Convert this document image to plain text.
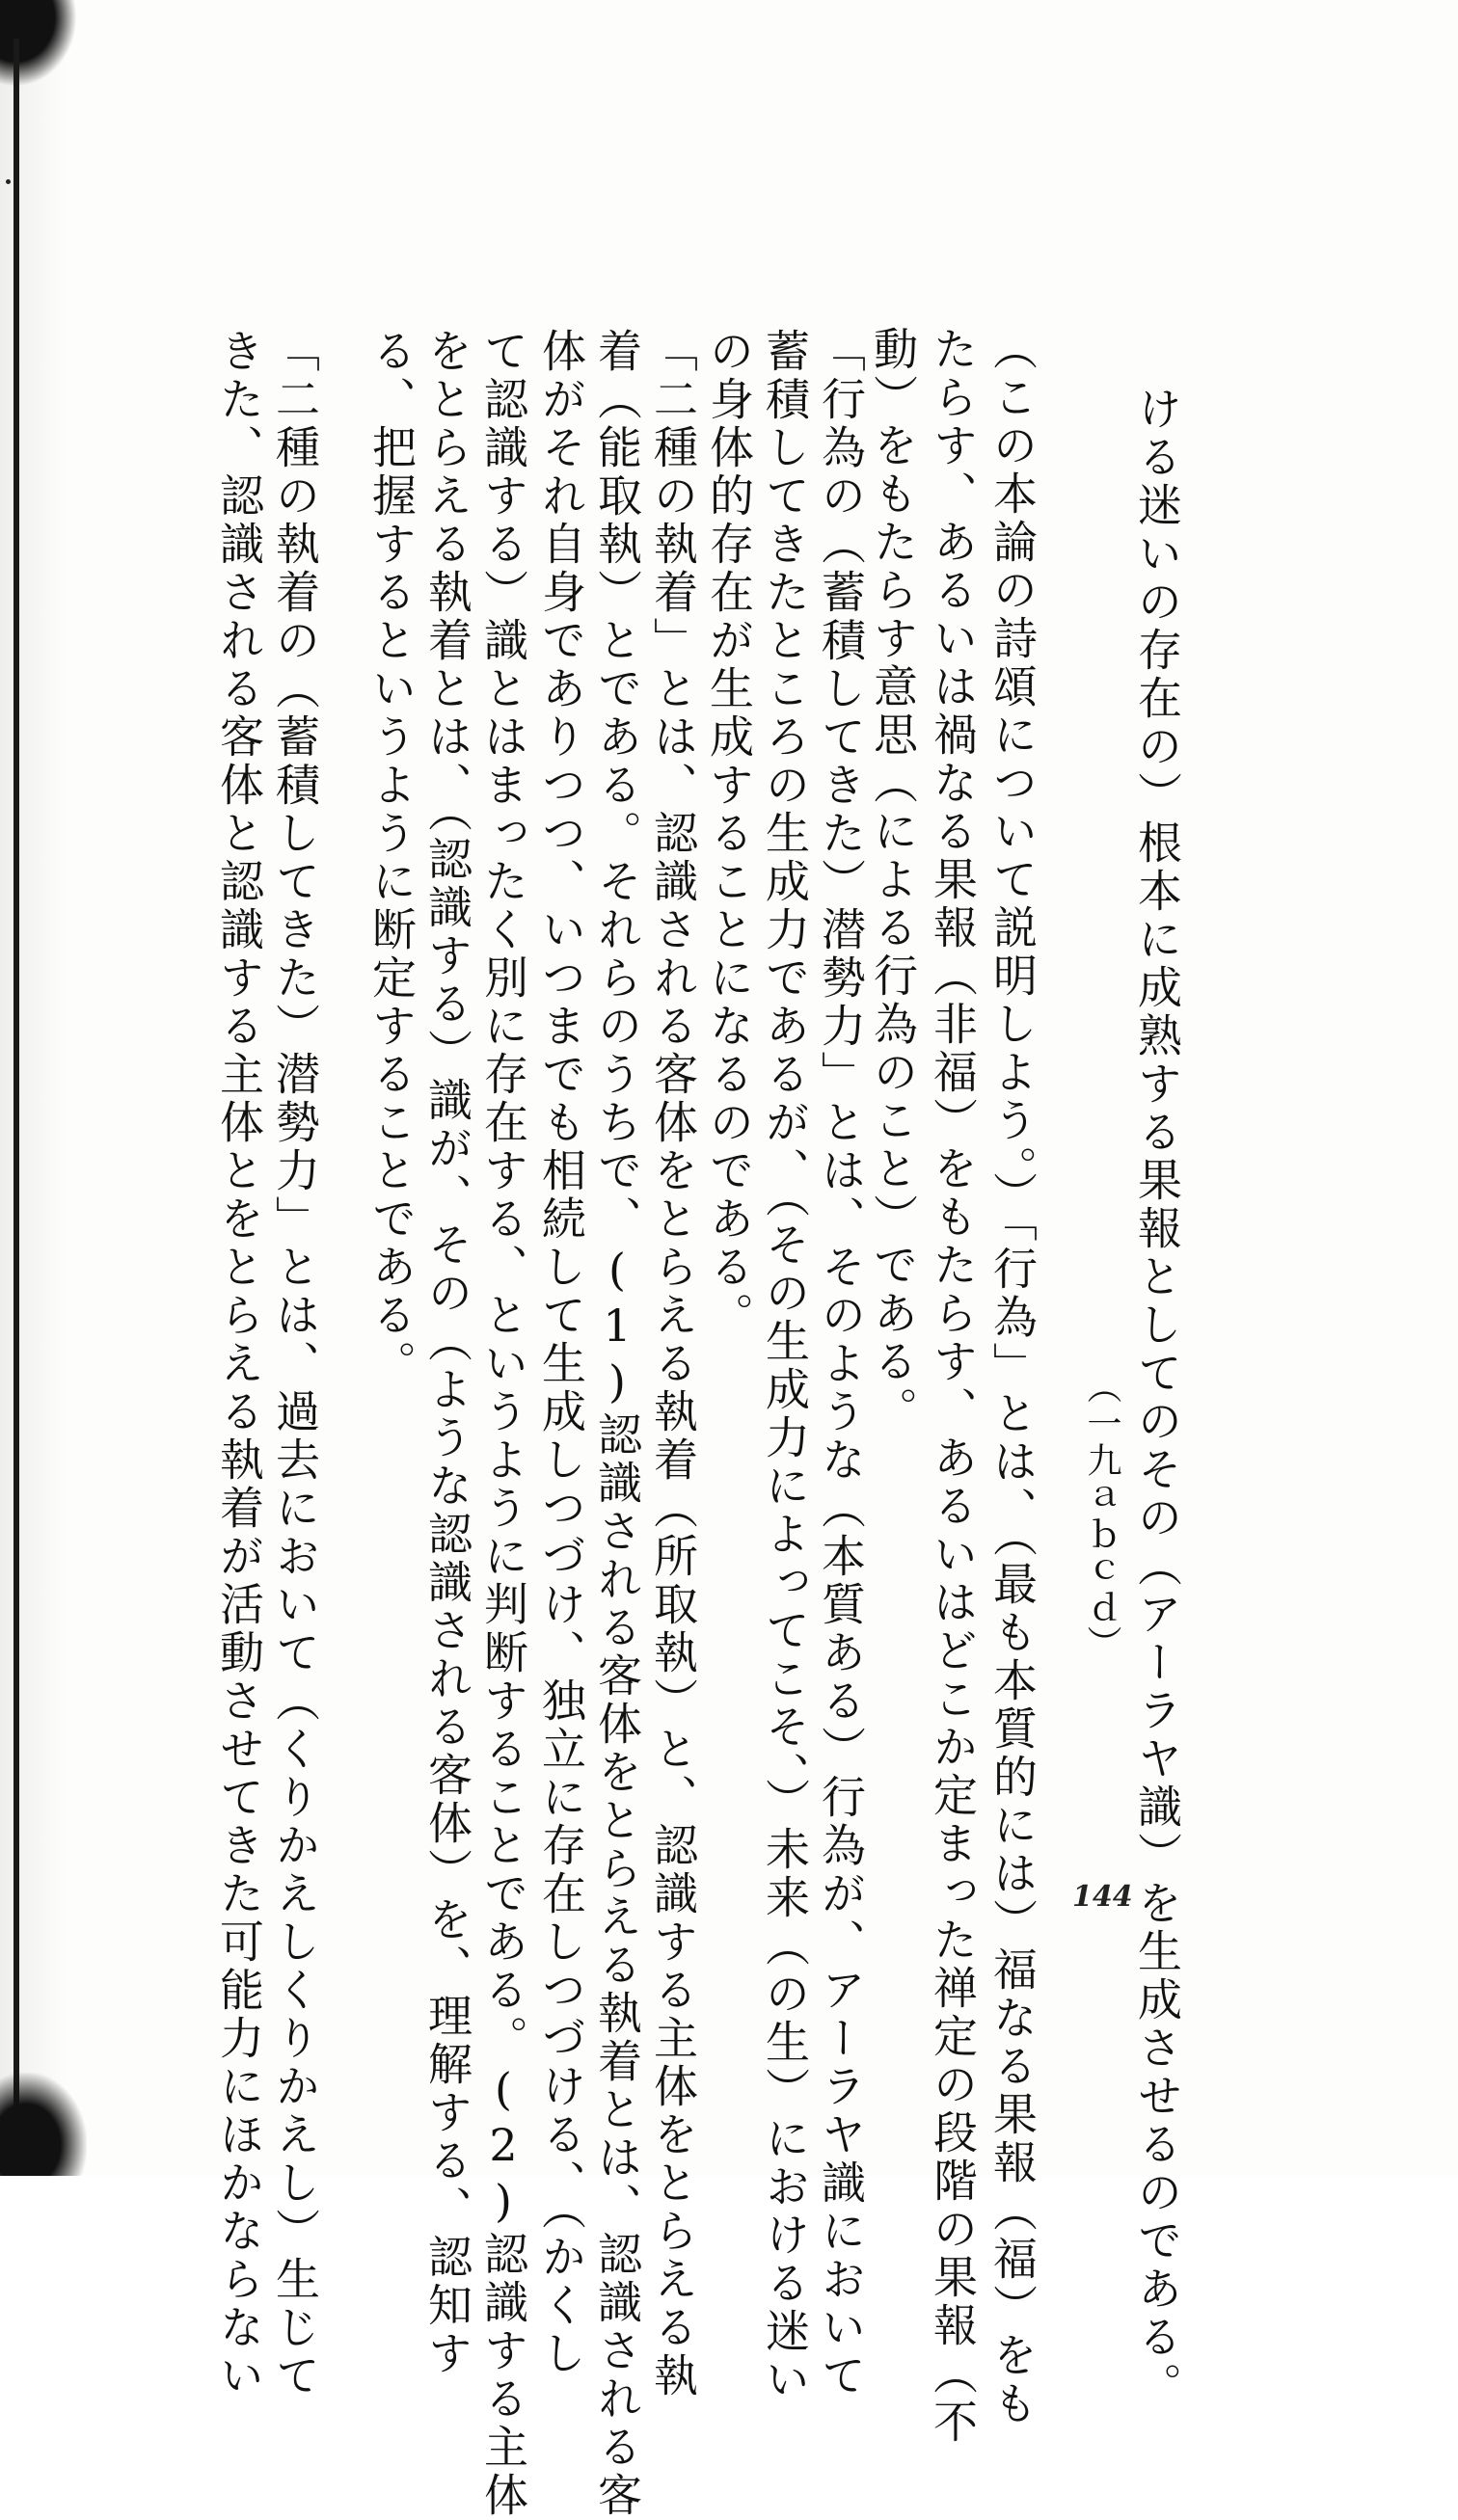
ける迷いの存在の）根本に成熟する果報としてのその（アーラヤ識）を生成させるのである。
（一九ａｂｃｄ）
（この本論の詩頌について説明しよう。）「行為」とは、（最も本質的には）福なる果報（福）をも
たらす、あるいは禍なる果報（非福）をもたらす、あるいはどこか定まった禅定の段階の果報（不
動）をもたらす意思（による行為のこと）である。
「行為の（蓄積してきた）潜勢力」とは、そのような（本質ある）行為が、アーラヤ識において
蓄積してきたところの生成力であるが、（その生成力によってこそ、）未来（の生）における迷い
の身体的存在が生成することになるのである。
「二種の執着」とは、認識される客体をとらえる執着（所取執）と、認識する主体をとらえる執
着（能取執）とである。それらのうちで、(1)認識される客体をとらえる執着とは、認識される客
体がそれ自身でありつつ、いつまでも相続して生成しつづけ、独立に存在しつづける、（かくし
て認識する）識とはまったく別に存在する、というように判断することである。(2)認識する主体
をとらえる執着とは、（認識する）識が、その（ような認識される客体）を、理解する、認知す
る、把握するというように断定することである。
「二種の執着の（蓄積してきた）潜勢力」とは、過去において（くりかえしくりかえし）生じて
きた、認識される客体と認識する主体とをとらえる執着が活動させてきた可能力にほかならない	144
